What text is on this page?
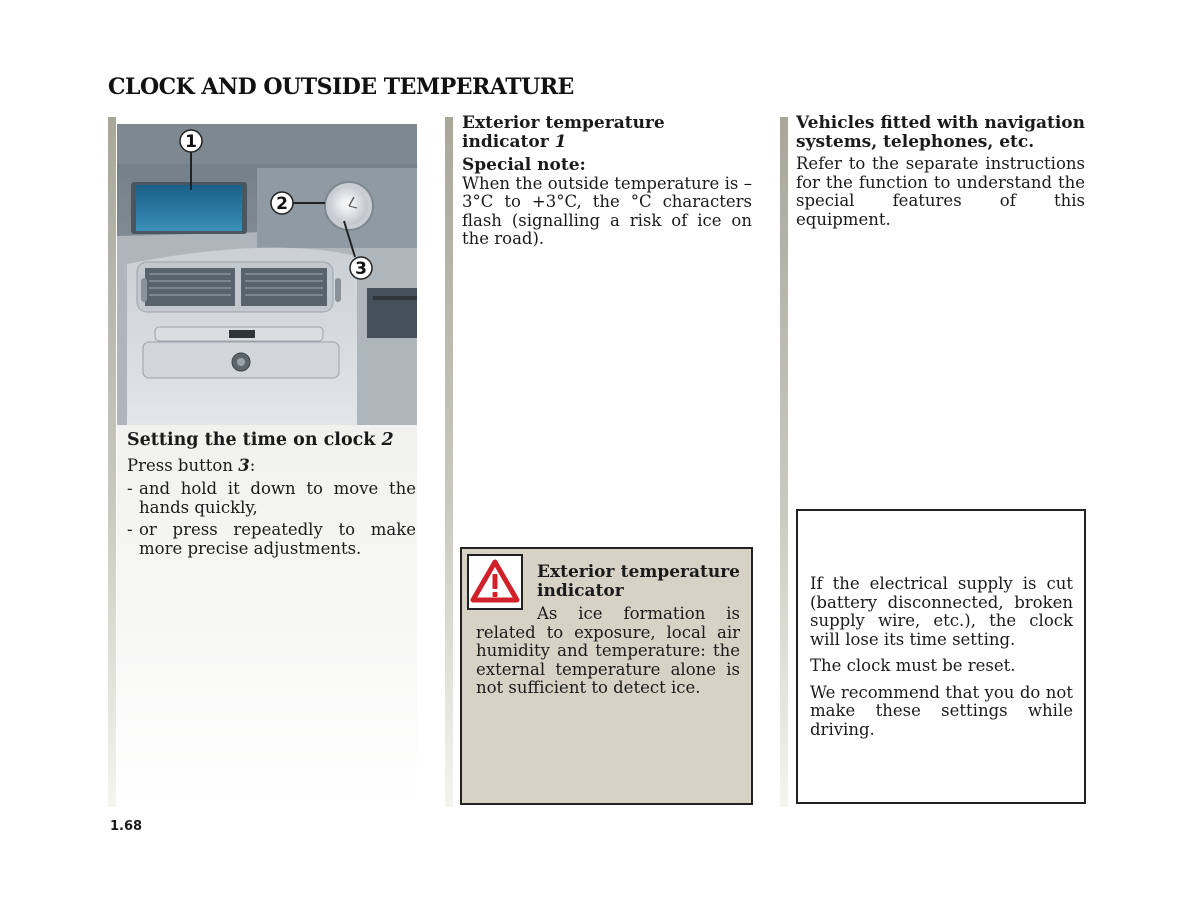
CLOCK AND OUTSIDE TEMPERATURE
1
2
3
Setting the time on clock 2

Press button 3:

- and hold it down to move the hands quickly,
- or press repeatedly to make more precise adjustments.
Exterior temperature indicator 1
Special note:

When the outside temperature is –3°C to +3°C, the °C characters flash (signalling a risk of ice on the road).

Exterior temperature indicator

As ice formation is related to exposure, local air humidity and temperature: the external temperature alone is not sufficient to detect ice.

Vehicles fitted with navigation systems, telephones, etc.

Refer to the separate instructions for the function to understand the special features of this equipment.

If the electrical supply is cut (battery disconnected, broken supply wire, etc.), the clock will lose its time setting.

The clock must be reset.

We recommend that you do not make these settings while driving.

1.68
